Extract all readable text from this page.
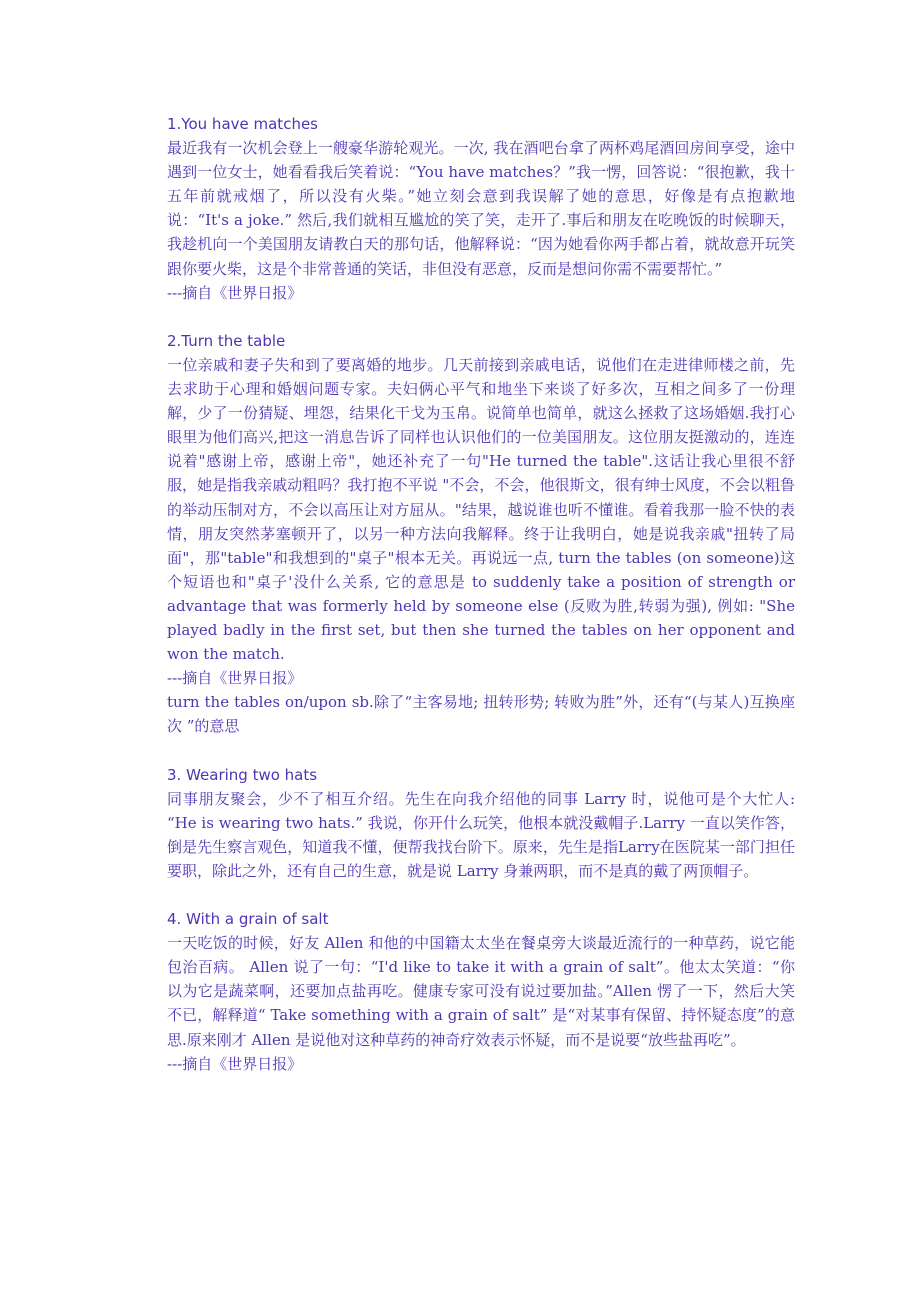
1.You have matches
最近我有一次机会登上一艘豪华游轮观光。一次, 我在酒吧台拿了两杯鸡尾酒回房间享受，途中遇到一位女士，她看看我后笑着说：“You have matches？”我一愣，回答说：“很抱歉，我十五年前就戒烟了，所以没有火柴。”她立刻会意到我误解了她的意思，好像是有点抱歉地说：“It's a joke.” 然后,我们就相互尴尬的笑了笑，走开了.事后和朋友在吃晚饭的时候聊天，我趁机向一个美国朋友请教白天的那句话，他解释说：“因为她看你两手都占着，就故意开玩笑跟你要火柴，这是个非常普通的笑话，非但没有恶意，反而是想问你需不需要帮忙。”
---摘自《世界日报》
2.Turn the table
一位亲戚和妻子失和到了要离婚的地步。几天前接到亲戚电话，说他们在走进律师楼之前，先去求助于心理和婚姻问题专家。夫妇俩心平气和地坐下来谈了好多次，互相之间多了一份理解，少了一份猜疑、埋怨，结果化干戈为玉帛。说简单也简单，就这么拯救了这场婚姻.我打心眼里为他们高兴,把这一消息告诉了同样也认识他们的一位美国朋友。这位朋友挺激动的，连连说着"感谢上帝，感谢上帝"，她还补充了一句"He turned the table".这话让我心里很不舒服，她是指我亲戚动粗吗？我打抱不平说 "不会，不会，他很斯文，很有绅士风度，不会以粗鲁的举动压制对方，不会以高压让对方屈从。"结果，越说谁也听不懂谁。看着我那一脸不快的表情，朋友突然茅塞顿开了，以另一种方法向我解释。终于让我明白，她是说我亲戚"扭转了局面"，那"table"和我想到的"桌子"根本无关。再说远一点, turn the tables (on someone)这个短语也和"桌子'没什么关系, 它的意思是 to suddenly take a position of strength or advantage that was formerly held by someone else (反败为胜,转弱为强), 例如: "She played badly in the first set, but then she turned the tables on her opponent and won the match.
---摘自《世界日报》
turn the tables on/upon sb.除了“主客易地; 扭转形势; 转败为胜”外，还有“(与某人)互换座次 ”的意思
3. Wearing two hats
同事朋友聚会，少不了相互介绍。先生在向我介绍他的同事 Larry 时，说他可是个大忙人: “He is wearing two hats.” 我说，你开什么玩笑，他根本就没戴帽子.Larry 一直以笑作答，倒是先生察言观色，知道我不懂，便帮我找台阶下。原来，先生是指Larry在医院某一部门担任要职，除此之外，还有自己的生意，就是说 Larry 身兼两职，而不是真的戴了两顶帽子。
4. With a grain of salt
一天吃饭的时候，好友 Allen 和他的中国籍太太坐在餐桌旁大谈最近流行的一种草药，说它能包治百病。 Allen 说了一句：“I'd like to take it with a grain of salt”。他太太笑道：“你以为它是蔬菜啊，还要加点盐再吃。健康专家可没有说过要加盐。”Allen 愣了一下，然后大笑不已，解释道“ Take something with a grain of salt” 是“对某事有保留、持怀疑态度”的意思.原来刚才 Allen 是说他对这种草药的神奇疗效表示怀疑，而不是说要“放些盐再吃”。
---摘自《世界日报》
